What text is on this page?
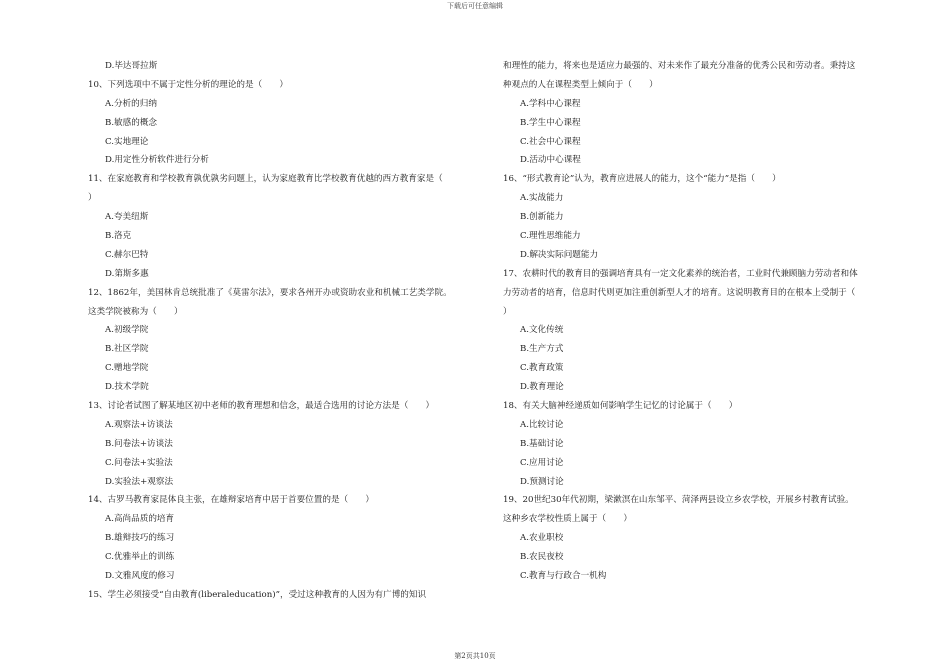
下载后可任意编辑
D.毕达哥拉斯
10、下列选项中不属于定性分析的理论的是（　　）
A.分析的归纳
B.敏感的概念
C.实地理论
D.用定性分析软件进行分析
11、在家庭教育和学校教育孰优孰劣问题上，认为家庭教育比学校教育优越的西方教育家是（
）
A.夸美纽斯
B.洛克
C.赫尔巴特
D.第斯多惠
12、1862年，美国林肯总统批准了《莫雷尔法》，要求各州开办或资助农业和机械工艺类学院。
这类学院被称为（　　）
A.初级学院
B.社区学院
C.赠地学院
D.技术学院
13、讨论者试图了解某地区初中老师的教育理想和信念，最适合选用的讨论方法是（　　）
A.观察法+访谈法
B.问卷法+访谈法
C.问卷法+实验法
D.实验法+观察法
14、古罗马教育家昆体良主张，在雄辩家培育中居于首要位置的是（　　）
A.高尚品质的培育
B.雄辩技巧的练习
C.优雅举止的训练
D.文雅风度的修习
15、学生必须接受“自由教育(liberaleducation)”，受过这种教育的人因为有广博的知识
和理性的能力，将来也是适应力最强的、对未来作了最充分准备的优秀公民和劳动者。秉持这
种观点的人在课程类型上倾向于（　　）
A.学科中心课程
B.学生中心课程
C.社会中心课程
D.活动中心课程
16、“形式教育论”认为，教育应进展人的能力，这个“能力”是指（　　）
A.实战能力
B.创新能力
C.理性思维能力
D.解决实际问题能力
17、农耕时代的教育目的强调培育具有一定文化素养的统治者，工业时代兼顾脑力劳动者和体
力劳动者的培育，信息时代则更加注重创新型人才的培育。这说明教育目的在根本上受制于（
）
A.文化传统
B.生产方式
C.教育政策
D.教育理论
18、有关大脑神经递质如何影响学生记忆的讨论属于（　　）
A.比较讨论
B.基础讨论
C.应用讨论
D.预测讨论
19、20世纪30年代初期，梁漱溟在山东邹平、菏泽两县设立乡农学校，开展乡村教育试验。
这种乡农学校性质上属于（　　）
A.农业职校
B.农民夜校
C.教育与行政合一机构
第2页共10页
